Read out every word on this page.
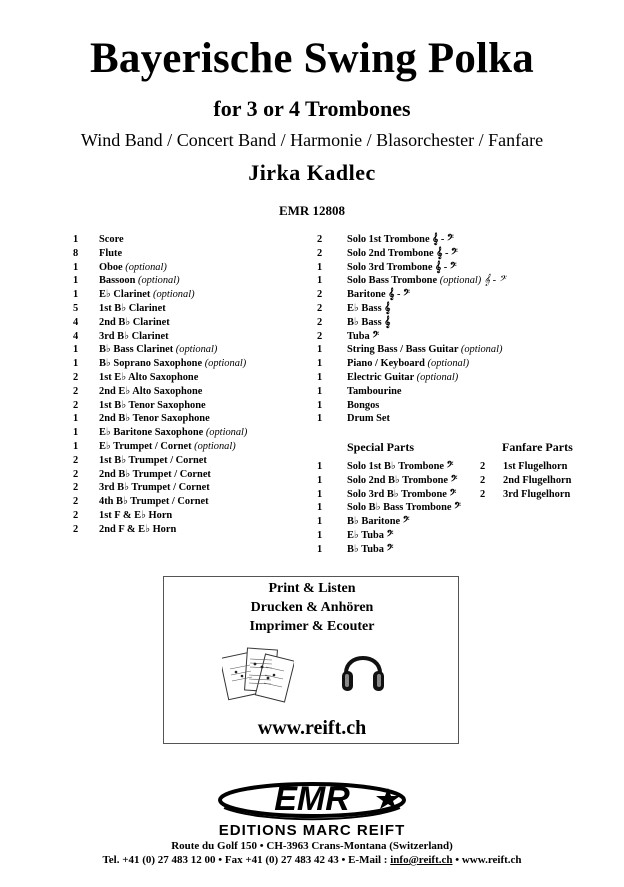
Bayerische Swing Polka
for 3 or 4 Trombones
Wind Band / Concert Band / Harmonie / Blasorchester / Fanfare
Jirka Kadlec
EMR 12808
1 Score
8 Flute
1 Oboe (optional)
1 Bassoon (optional)
1 E♭ Clarinet (optional)
5 1st B♭ Clarinet
4 2nd B♭ Clarinet
4 3rd B♭ Clarinet
1 B♭ Bass Clarinet (optional)
1 B♭ Soprano Saxophone (optional)
2 1st E♭ Alto Saxophone
2 2nd E♭ Alto Saxophone
2 1st B♭ Tenor Saxophone
1 2nd B♭ Tenor Saxophone
1 E♭ Baritone Saxophone (optional)
1 E♭ Trumpet / Cornet (optional)
2 1st B♭ Trumpet / Cornet
2 2nd B♭ Trumpet / Cornet
2 3rd B♭ Trumpet / Cornet
2 4th B♭ Trumpet / Cornet
2 1st F & E♭ Horn
2 2nd F & E♭ Horn
2 Solo 1st Trombone 𝄞 - 𝄢
2 Solo 2nd Trombone 𝄞 - 𝄢
1 Solo 3rd Trombone 𝄞 - 𝄢
1 Solo Bass Trombone (optional) 𝄞 - 𝄢
2 Baritone 𝄞 - 𝄢
2 E♭ Bass 𝄞
2 B♭ Bass 𝄞
2 Tuba 𝄢
1 String Bass / Bass Guitar (optional)
1 Piano / Keyboard (optional)
1 Electric Guitar (optional)
1 Tambourine
1 Bongos
1 Drum Set
Special Parts	Fanfare Parts
1 Solo 1st B♭ Trombone 𝄢
1 Solo 2nd B♭ Trombone 𝄢
1 Solo 3rd B♭ Trombone 𝄢
1 Solo B♭ Bass Trombone 𝄢
1 B♭ Baritone 𝄢
1 E♭ Tuba 𝄢
1 B♭ Tuba 𝄢
2 1st Flugelhorn
2 2nd Flugelhorn
2 3rd Flugelhorn
Print & Listen
Drucken & Anhören
Imprimer & Ecouter
www.reift.ch
EMR
EDITIONS MARC REIFT
Route du Golf 150 • CH-3963 Crans-Montana (Switzerland)
Tel. +41 (0) 27 483 12 00 • Fax +41 (0) 27 483 42 43 • E-Mail : info@reift.ch • www.reift.ch
